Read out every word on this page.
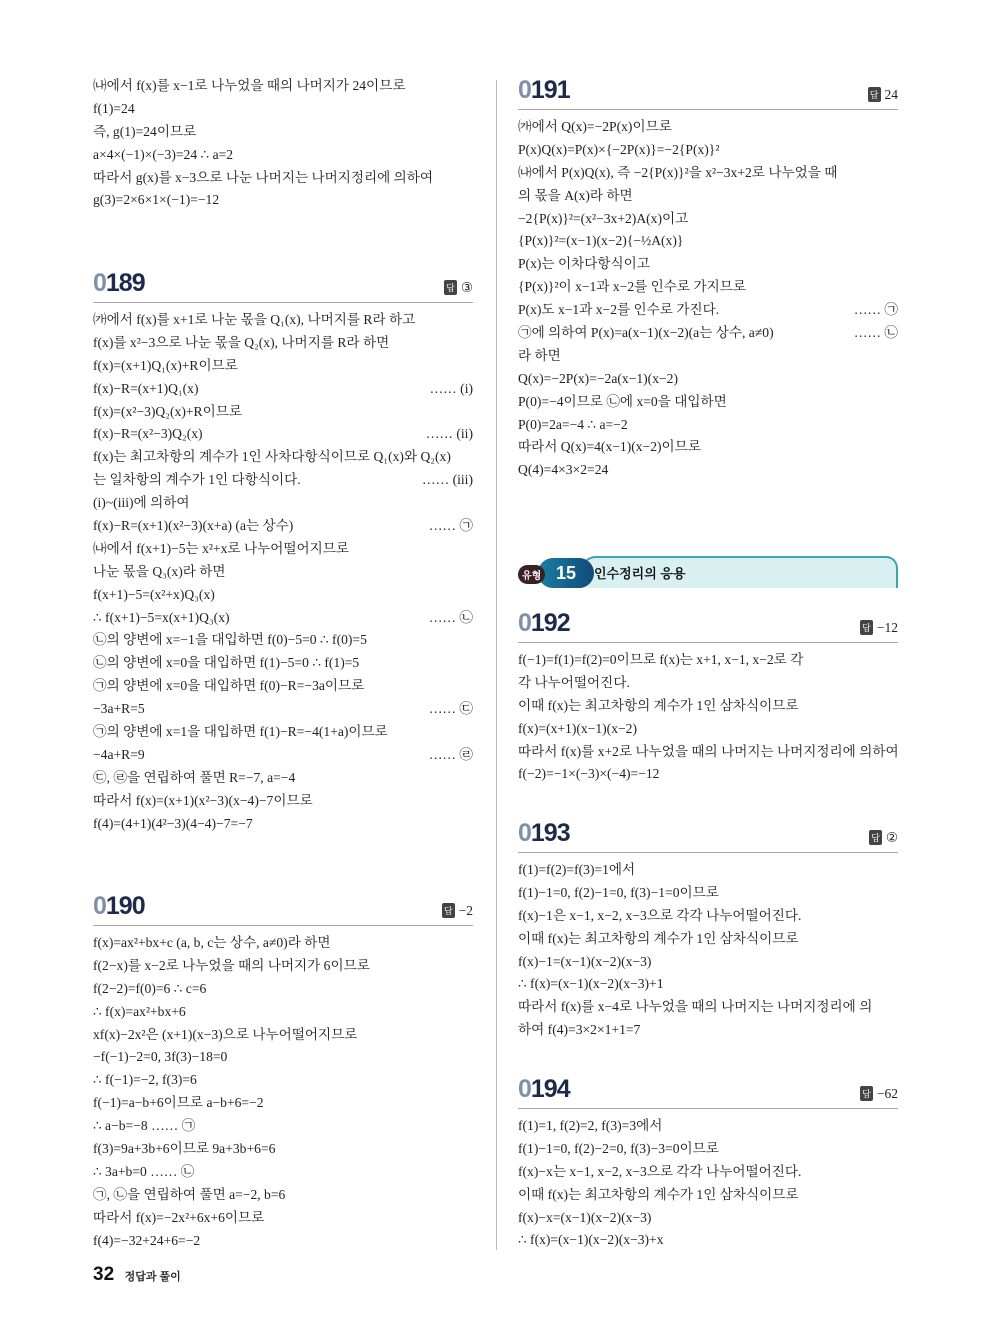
㈏에서 f(x)를 x−1로 나누었을 때의 나머지가 24이므로
f(1)=24
즉, g(1)=24이므로
a×4×(−1)×(−3)=24 ∴ a=2
따라서 g(x)를 x−3으로 나눈 나머지는 나머지정리에 의하여
g(3)=2×6×1×(−1)=−12
0189	답 ③
㈎에서 f(x)를 x+1로 나눈 몫을 Q₁(x), 나머지를 R라 하고
f(x)를 x²−3으로 나눈 몫을 Q₂(x), 나머지를 R라 하면
f(x)=(x+1)Q₁(x)+R이므로
f(x)−R=(x+1)Q₁(x)	…… (i)
f(x)=(x²−3)Q₂(x)+R이므로
f(x)−R=(x²−3)Q₂(x)	…… (ii)
f(x)는 최고차항의 계수가 1인 사차다항식이므로 Q₁(x)와 Q₂(x)
는 일차항의 계수가 1인 다항식이다.	…… (iii)
(i)~(iii)에 의하여
f(x)−R=(x+1)(x²−3)(x+a) (a는 상수)	…… ㉠
㈏에서 f(x+1)−5는 x²+x로 나누어떨어지므로
나눈 몫을 Q₃(x)라 하면
f(x+1)−5=(x²+x)Q₃(x)
∴ f(x+1)−5=x(x+1)Q₃(x)	…… ㉡
㉡의 양변에 x=−1을 대입하면 f(0)−5=0 ∴ f(0)=5
㉡의 양변에 x=0을 대입하면 f(1)−5=0 ∴ f(1)=5
㉠의 양변에 x=0을 대입하면 f(0)−R=−3a이므로
−3a+R=5	…… ㉢
㉠의 양변에 x=1을 대입하면 f(1)−R=−4(1+a)이므로
−4a+R=9	…… ㉣
㉢, ㉣을 연립하여 풀면 R=−7, a=−4
따라서 f(x)=(x+1)(x²−3)(x−4)−7이므로
f(4)=(4+1)(4²−3)(4−4)−7=−7
0190	답 −2
f(x)=ax²+bx+c (a, b, c는 상수, a≠0)라 하면
f(2−x)를 x−2로 나누었을 때의 나머지가 6이므로
f(2−2)=f(0)=6 ∴ c=6
∴ f(x)=ax²+bx+6
xf(x)−2x²은 (x+1)(x−3)으로 나누어떨어지므로
−f(−1)−2=0, 3f(3)−18=0
∴ f(−1)=−2, f(3)=6
f(−1)=a−b+6이므로 a−b+6=−2
∴ a−b=−8 …… ㉠
f(3)=9a+3b+6이므로 9a+3b+6=6
∴ 3a+b=0 …… ㉡
㉠, ㉡을 연립하여 풀면 a=−2, b=6
따라서 f(x)=−2x²+6x+6이므로
f(4)=−32+24+6=−2
0191	답 24
㈎에서 Q(x)=−2P(x)이므로
P(x)Q(x)=P(x)×{−2P(x)}=−2{P(x)}²
㈏에서 P(x)Q(x), 즉 −2{P(x)}²을 x²−3x+2로 나누었을 때
의 몫을 A(x)라 하면
−2{P(x)}²=(x²−3x+2)A(x)이고
{P(x)}²=(x−1)(x−2){−½A(x)}
P(x)는 이차다항식이고
{P(x)}²이 x−1과 x−2를 인수로 가지므로
P(x)도 x−1과 x−2를 인수로 가진다.	…… ㉠
㉠에 의하여 P(x)=a(x−1)(x−2)(a는 상수, a≠0)	…… ㉡
라 하면
Q(x)=−2P(x)=−2a(x−1)(x−2)
P(0)=−4이므로 ㉡에 x=0을 대입하면
P(0)=2a=−4 ∴ a=−2
따라서 Q(x)=4(x−1)(x−2)이므로
Q(4)=4×3×2=24
유형 15	인수정리의 응용
0192	답 −12
f(−1)=f(1)=f(2)=0이므로 f(x)는 x+1, x−1, x−2로 각
각 나누어떨어진다.
이때 f(x)는 최고차항의 계수가 1인 삼차식이므로
f(x)=(x+1)(x−1)(x−2)
따라서 f(x)를 x+2로 나누었을 때의 나머지는 나머지정리에 의하여
f(−2)=−1×(−3)×(−4)=−12
0193	답 ②
f(1)=f(2)=f(3)=1에서
f(1)−1=0, f(2)−1=0, f(3)−1=0이므로
f(x)−1은 x−1, x−2, x−3으로 각각 나누어떨어진다.
이때 f(x)는 최고차항의 계수가 1인 삼차식이므로
f(x)−1=(x−1)(x−2)(x−3)
∴ f(x)=(x−1)(x−2)(x−3)+1
따라서 f(x)를 x−4로 나누었을 때의 나머지는 나머지정리에 의
하여 f(4)=3×2×1+1=7
0194	답 −62
f(1)=1, f(2)=2, f(3)=3에서
f(1)−1=0, f(2)−2=0, f(3)−3=0이므로
f(x)−x는 x−1, x−2, x−3으로 각각 나누어떨어진다.
이때 f(x)는 최고차항의 계수가 1인 삼차식이므로
f(x)−x=(x−1)(x−2)(x−3)
∴ f(x)=(x−1)(x−2)(x−3)+x
32 정답과 풀이
